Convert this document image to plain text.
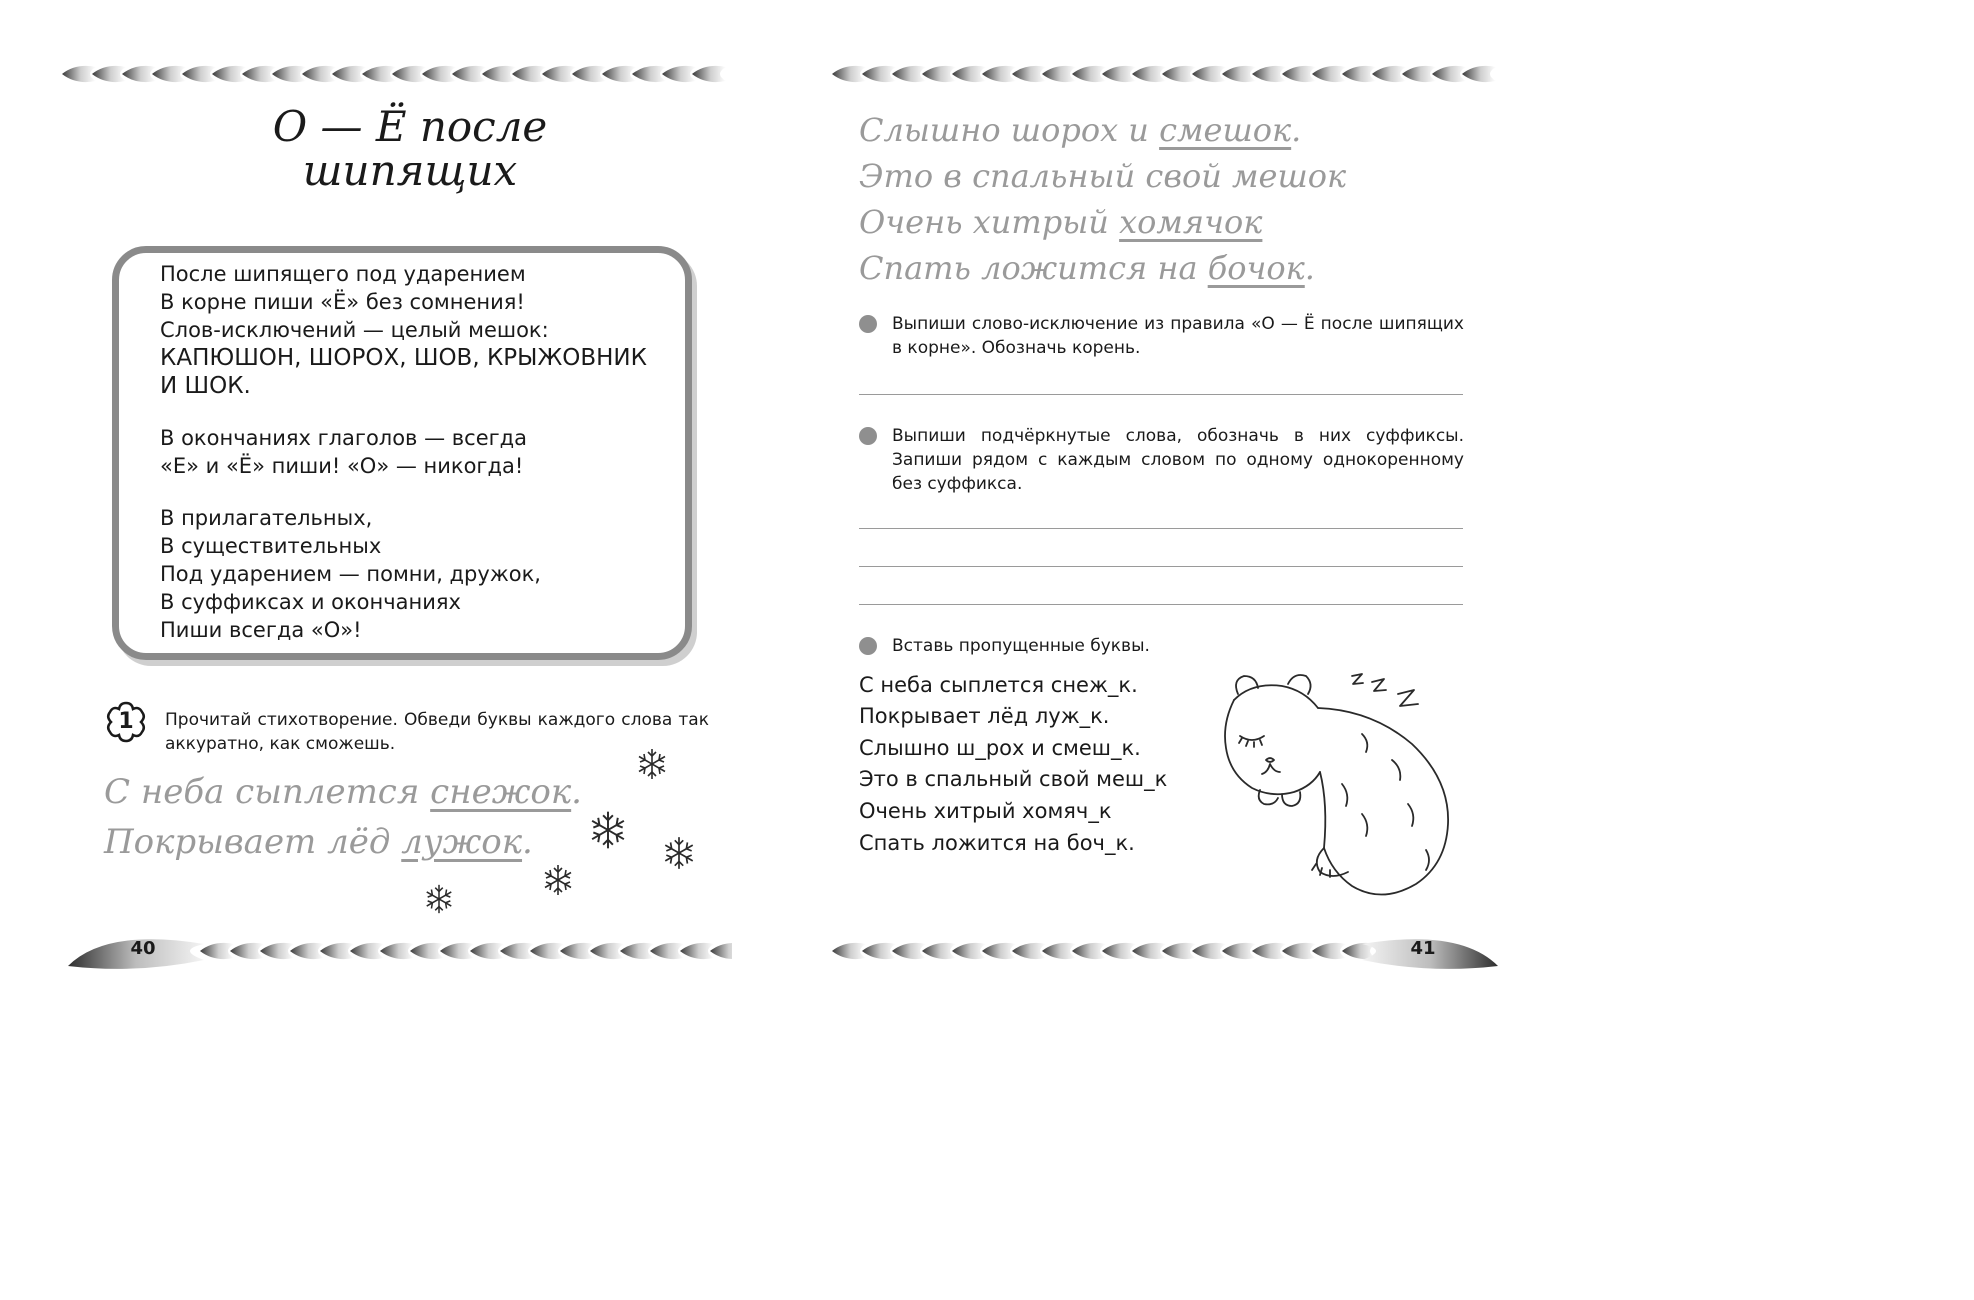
40	41
О — Ё после
шипящих
После шипящего под ударением
В корне пиши «Ё» без сомнения!
Слов-исключений — целый мешок:
КАПЮШОН, ШОРОХ, ШОВ, КРЫЖОВНИК
И ШОК.
В окончаниях глаголов — всегда
«Е» и «Ё» пиши! «О» — никогда!
В прилагательных,
В существительных
Под ударением — помни, дружок,
В суффиксах и окончаниях
Пиши всегда «О»!
1	Прочитай стихотворение. Обведи буквы каждого слова так аккуратно, как сможешь.
С неба сыплется снежок.
Покрывает лёд лужок.
Слышно шорох и смешок.
Это в спальный свой мешок
Очень хитрый хомячок
Спать ложится на бочок.
Выпиши слово-исключение из правила «О — Ё после шипящих в корне». Обозначь корень.
Выпиши подчёркнутые слова, обозначь в них суффиксы. Запиши рядом с каждым словом по одному однокоренному без суффикса.
Вставь пропущенные буквы.
С неба сыплется снеж_к.
Покрывает лёд луж_к.
Слышно ш_рох и смеш_к.
Это в спальный свой меш_к
Очень хитрый хомяч_к
Спать ложится на боч_к.
